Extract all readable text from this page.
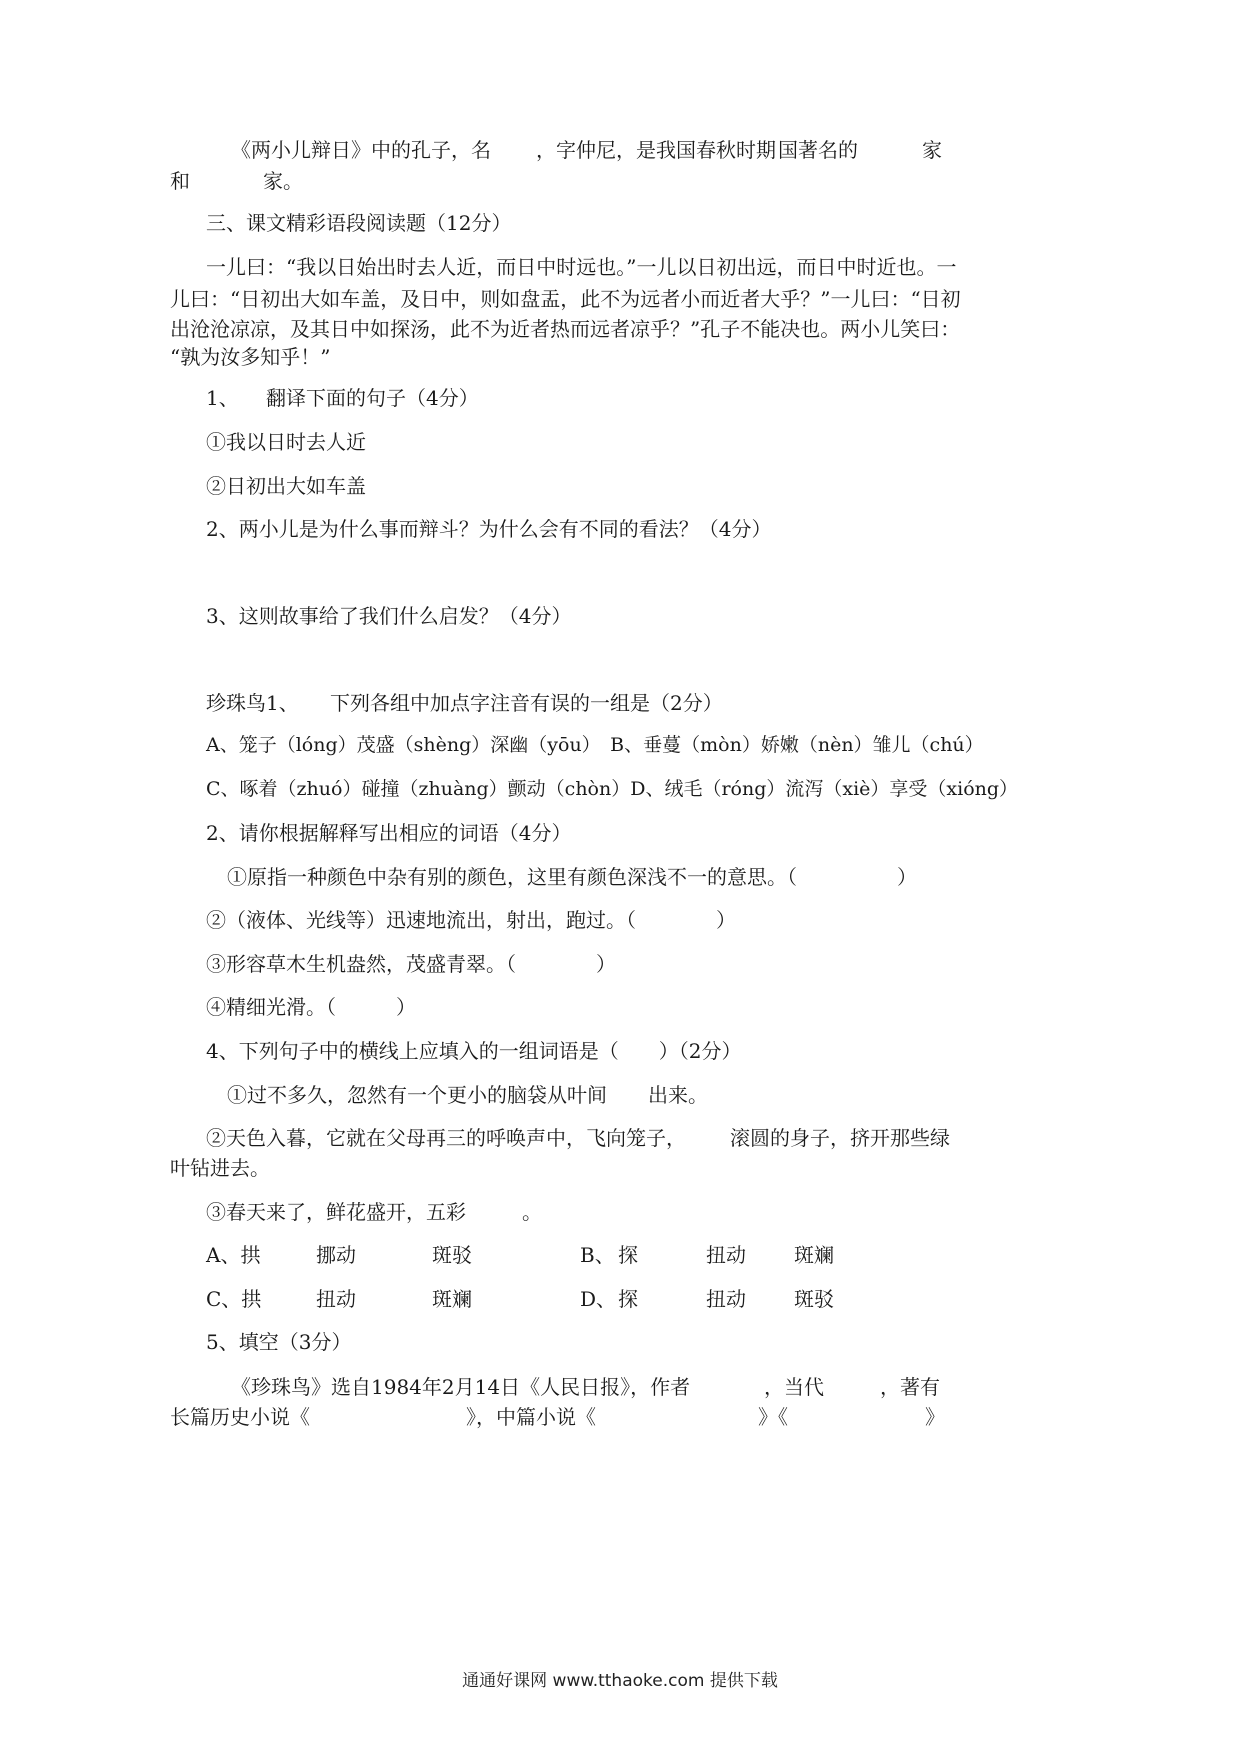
《两小儿辩日》中的孔子，名 ，字仲尼，是我国春秋时期 国著名的	家
和	家。
三、课文精彩语段阅读题（12分）
一儿曰：“我以日始出时去人近，而日中时远也。”一儿以日初出远，而日中时近也。一
儿曰：“日初出大如车盖，及日中，则如盘盂，此不为远者小而近者大乎？”一儿曰：“日初
出沧沧凉凉，及其日中如探汤，此不为近者热而远者凉乎？”孔子不能决也。两小儿笑曰：
“孰为汝多知乎！”
1、 翻译下面的句子（4分）
①我以日时去人近
②日初出大如车盖
2、两小儿是为什么事而辩斗？为什么会有不同的看法？（4分）
3、这则故事给了我们什么启发？（4分）
珍珠鸟 1、 下列各组中加点字注音有误的一组是（2分）
A、笼子（lóng）茂盛（shèng）深幽（yōu）　B、垂蔓（mòn）娇嫩（nèn）雏儿（chú）
C、啄着（zhuó）碰撞（zhuàng）颤动（chòn）D、绒毛（róng）流泻（xiè）享受（xióng）
2、请你根据解释写出相应的词语（4分）
①原指一种颜色中杂有别的颜色，这里有颜色深浅不一的意思。（　　　　　）
②（液体、光线等）迅速地流出，射出，跑过。（　　　　）
③形容草木生机盎然，茂盛青翠。（　　　　）
④精细光滑。（　　　）
4、下列句子中的横线上应填入的一组词语是（　　）（2分）
①过不多久，忽然有一个更小的脑袋从叶间 出来。
②天色入暮，它就在父母再三的呼唤声中，飞向笼子， 滚圆的身子，挤开那些绿
叶钻进去。
③春天来了，鲜花盛开，五彩	。
A、拱	挪动	斑驳	B、 探	扭动 斑斓
C、拱	扭动	斑斓	D、 探	扭动 斑驳
5、填空（3分）
《珍珠鸟》选自1984年2月14日《人民日报》，作者	，当代	，著有
长篇历史小说《	》，中篇小说《	》《	》
通通好课网 www.tthaoke.com 提供下载
